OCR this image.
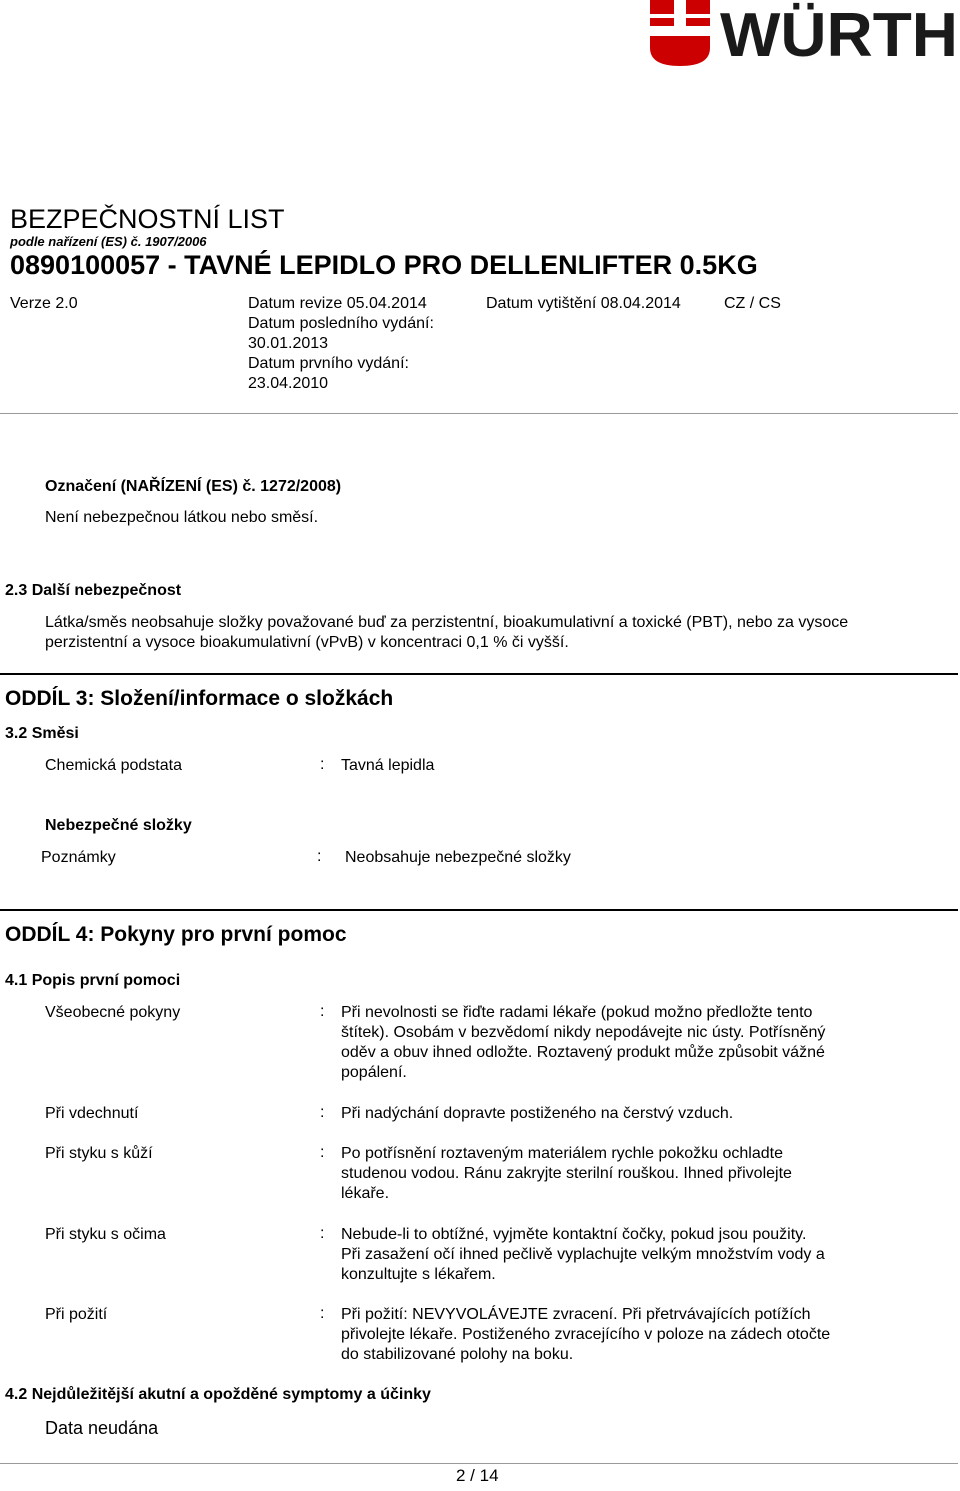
WÜRTH
BEZPEČNOSTNÍ LIST
podle nařízení (ES) č. 1907/2006
0890100057 - TAVNÉ LEPIDLO PRO DELLENLIFTER 0.5KG
Verze 2.0	Datum revize 05.04.2014
Datum posledního vydání:
30.01.2013
Datum prvního vydání:
23.04.2010
Datum vytištění 08.04.2014	CZ / CS
Označení (NAŘÍZENÍ (ES) č. 1272/2008)
Není nebezpečnou látkou nebo směsí.
2.3 Další nebezpečnost
Látka/směs neobsahuje složky považované buď za perzistentní, bioakumulativní a toxické (PBT), nebo za vysoce
perzistentní a vysoce bioakumulativní (vPvB) v koncentraci 0,1 % či vyšší.
ODDÍL 3: Složení/informace o složkách
3.2 Směsi
Chemická podstata	: Tavná lepidla
Nebezpečné složky
Poznámky	: Neobsahuje nebezpečné složky
ODDÍL 4: Pokyny pro první pomoc
4.1 Popis první pomoci
Všeobecné pokyny	: Při nevolnosti se řiďte radami lékaře (pokud možno předložte tento
štítek). Osobám v bezvědomí nikdy nepodávejte nic ústy. Potřísněný
oděv a obuv ihned odložte. Roztavený produkt může způsobit vážné
popálení.
Při vdechnutí	: Při nadýchání dopravte postiženého na čerstvý vzduch.
Při styku s kůží	: Po potřísnění roztaveným materiálem rychle pokožku ochladte
studenou vodou. Ránu zakryjte sterilní rouškou. Ihned přivolejte
lékaře.
Při styku s očima	: Nebude-li to obtížné, vyjměte kontaktní čočky, pokud jsou použity.
Při zasažení očí ihned pečlivě vyplachujte velkým množstvím vody a
konzultujte s lékařem.
Při požití	: Při požití: NEVYVOLÁVEJTE zvracení. Při přetrvávajících potížích
přivolejte lékaře. Postiženého zvracejícího v poloze na zádech otočte
do stabilizované polohy na boku.
4.2 Nejdůležitější akutní a opožděné symptomy a účinky
Data neudána
2 / 14
